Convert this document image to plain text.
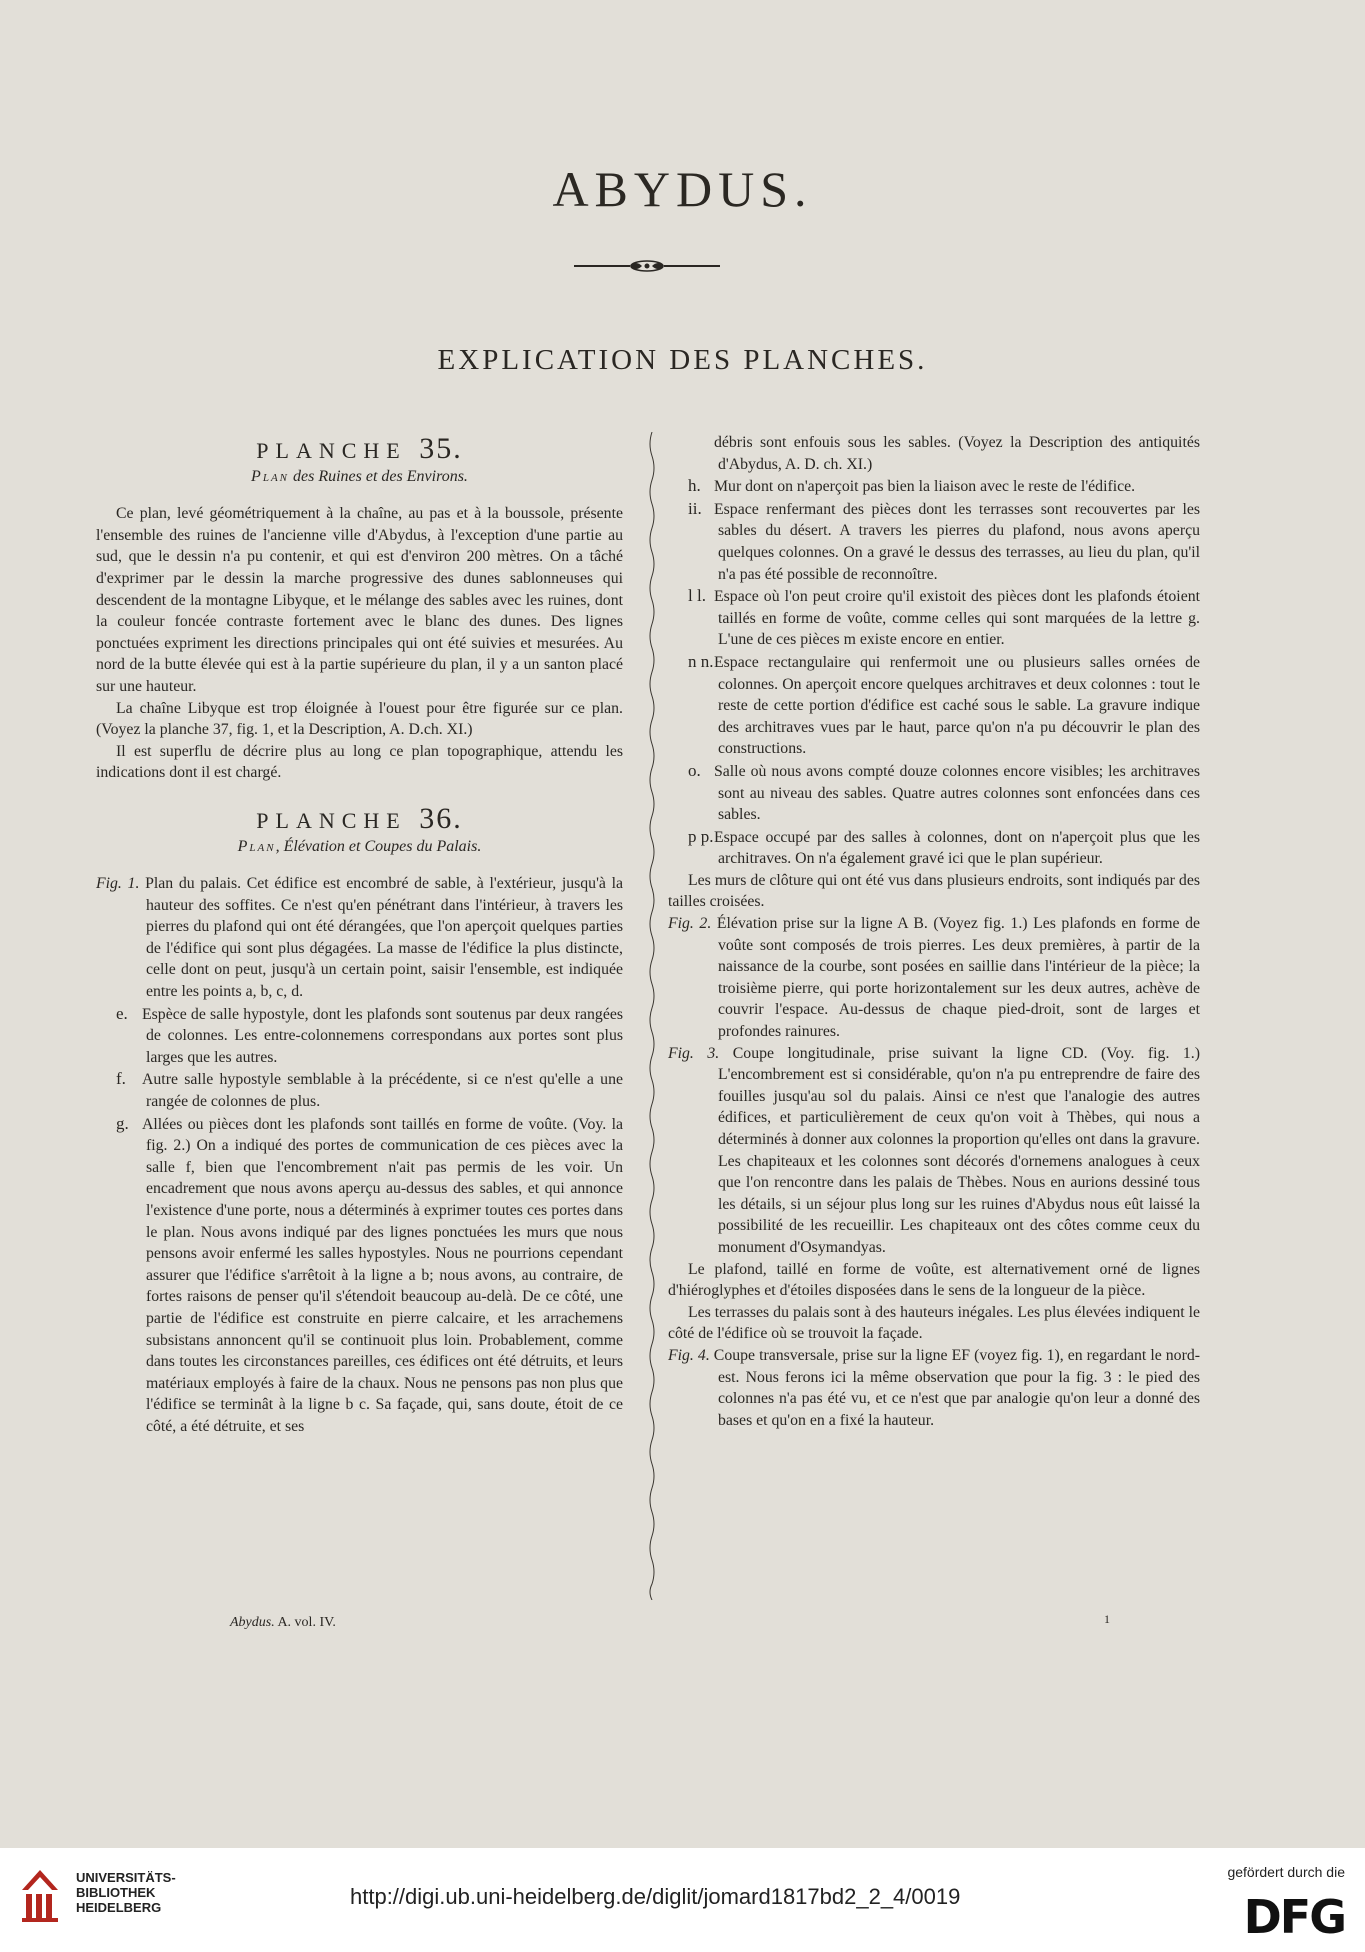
ABYDUS.
EXPLICATION DES PLANCHES.
PLANCHE 35.
Plan des Ruines et des Environs.

Ce plan, levé géométriquement à la chaîne, au pas et à la boussole, présente l'ensemble des ruines de l'ancienne ville d'Abydus, à l'exception d'une partie au sud, que le dessin n'a pu contenir, et qui est d'environ 200 mètres. On a tâché d'exprimer par le dessin la marche progressive des dunes sablonneuses qui descendent de la montagne Libyque, et le mélange des sables avec les ruines, dont la couleur foncée contraste fortement avec le blanc des dunes. Des lignes ponctuées expriment les directions principales qui ont été suivies et mesurées. Au nord de la butte élevée qui est à la partie supérieure du plan, il y a un santon placé sur une hauteur.

La chaîne Libyque est trop éloignée à l'ouest pour être figurée sur ce plan. (Voyez la planche 37, fig. 1, et la Description, A. D.ch. XI.)

Il est superflu de décrire plus au long ce plan topographique, attendu les indications dont il est chargé.

PLANCHE 36.
Plan, Élévation et Coupes du Palais.

Fig. 1. Plan du palais. Cet édifice est encombré de sable, à l'extérieur, jusqu'à la hauteur des soffites. Ce n'est qu'en pénétrant dans l'intérieur, à travers les pierres du plafond qui ont été dérangées, que l'on aperçoit quelques parties de l'édifice qui sont plus dégagées. La masse de l'édifice la plus distincte, celle dont on peut, jusqu'à un certain point, saisir l'ensemble, est indiquée entre les points a, b, c, d.

e. Espèce de salle hypostyle, dont les plafonds sont soutenus par deux rangées de colonnes. Les entre-colonnemens correspondans aux portes sont plus larges que les autres.

f. Autre salle hypostyle semblable à la précédente, si ce n'est qu'elle a une rangée de colonnes de plus.

g. Allées ou pièces dont les plafonds sont taillés en forme de voûte. (Voy. la fig. 2.) On a indiqué des portes de communication de ces pièces avec la salle f, bien que l'encombrement n'ait pas permis de les voir. Un encadrement que nous avons aperçu au-dessus des sables, et qui annonce l'existence d'une porte, nous a déterminés à exprimer toutes ces portes dans le plan. Nous avons indiqué par des lignes ponctuées les murs que nous pensons avoir enfermé les salles hypostyles. Nous ne pourrions cependant assurer que l'édifice s'arrêtoit à la ligne a b; nous avons, au contraire, de fortes raisons de penser qu'il s'étendoit beaucoup au-delà. De ce côté, une partie de l'édifice est construite en pierre calcaire, et les arrachemens subsistans annoncent qu'il se continuoit plus loin. Probablement, comme dans toutes les circonstances pareilles, ces édifices ont été détruits, et leurs matériaux employés à faire de la chaux. Nous ne pensons pas non plus que l'édifice se terminât à la ligne b c. Sa façade, qui, sans doute, étoit de ce côté, a été détruite, et ses

débris sont enfouis sous les sables. (Voyez la Description des antiquités d'Abydus, A. D. ch. XI.)

h. Mur dont on n'aperçoit pas bien la liaison avec le reste de l'édifice.

ii. Espace renfermant des pièces dont les terrasses sont recouvertes par les sables du désert. A travers les pierres du plafond, nous avons aperçu quelques colonnes. On a gravé le dessus des terrasses, au lieu du plan, qu'il n'a pas été possible de reconnoître.

l l. Espace où l'on peut croire qu'il existoit des pièces dont les plafonds étoient taillés en forme de voûte, comme celles qui sont marquées de la lettre g. L'une de ces pièces m existe encore en entier.

n n.Espace rectangulaire qui renfermoit une ou plusieurs salles ornées de colonnes. On aperçoit encore quelques architraves et deux colonnes : tout le reste de cette portion d'édifice est caché sous le sable. La gravure indique des architraves vues par le haut, parce qu'on n'a pu découvrir le plan des constructions.

o. Salle où nous avons compté douze colonnes encore visibles; les architraves sont au niveau des sables. Quatre autres colonnes sont enfoncées dans ces sables.

p p.Espace occupé par des salles à colonnes, dont on n'aperçoit plus que les architraves. On n'a également gravé ici que le plan supérieur.

Les murs de clôture qui ont été vus dans plusieurs endroits, sont indiqués par des tailles croisées.

Fig. 2. Élévation prise sur la ligne A B. (Voyez fig. 1.) Les plafonds en forme de voûte sont composés de trois pierres. Les deux premières, à partir de la naissance de la courbe, sont posées en saillie dans l'intérieur de la pièce; la troisième pierre, qui porte horizontalement sur les deux autres, achève de couvrir l'espace. Au-dessus de chaque pied-droit, sont de larges et profondes rainures.

Fig. 3. Coupe longitudinale, prise suivant la ligne CD. (Voy. fig. 1.) L'encombrement est si considérable, qu'on n'a pu entreprendre de faire des fouilles jusqu'au sol du palais. Ainsi ce n'est que l'analogie des autres édifices, et particulièrement de ceux qu'on voit à Thèbes, qui nous a déterminés à donner aux colonnes la proportion qu'elles ont dans la gravure. Les chapiteaux et les colonnes sont décorés d'ornemens analogues à ceux que l'on rencontre dans les palais de Thèbes. Nous en aurions dessiné tous les détails, si un séjour plus long sur les ruines d'Abydus nous eût laissé la possibilité de les recueillir. Les chapiteaux ont des côtes comme ceux du monument d'Osymandyas.

Le plafond, taillé en forme de voûte, est alternativement orné de lignes d'hiéroglyphes et d'étoiles disposées dans le sens de la longueur de la pièce.

Les terrasses du palais sont à des hauteurs inégales. Les plus élevées indiquent le côté de l'édifice où se trouvoit la façade.

Fig. 4. Coupe transversale, prise sur la ligne EF (voyez fig. 1), en regardant le nord-est. Nous ferons ici la même observation que pour la fig. 3 : le pied des colonnes n'a pas été vu, et ce n'est que par analogie qu'on leur a donné des bases et qu'on en a fixé la hauteur.

Abydus. A. vol. IV.	1
UNIVERSITÄTS-
BIBLIOTHEK
HEIDELBERG	http://digi.ub.uni-heidelberg.de/diglit/jomard1817bd2_2_4/0019
gefördert durch die
DFG
